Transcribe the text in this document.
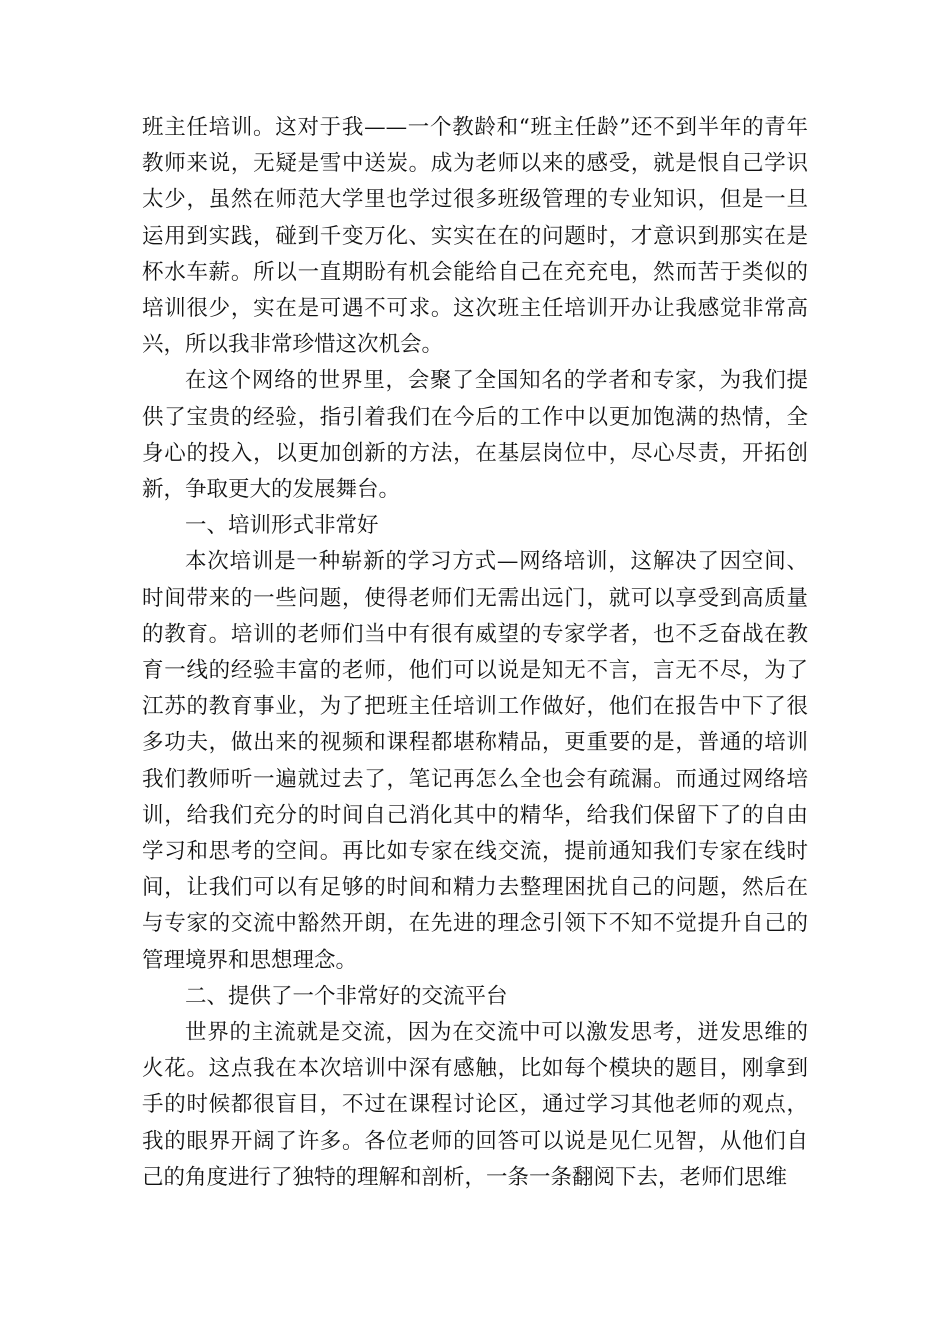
班主任培训。这对于我——一个教龄和“班主任龄”还不到半年的青年教师来说，无疑是雪中送炭。成为老师以来的感受，就是恨自己学识太少，虽然在师范大学里也学过很多班级管理的专业知识，但是一旦运用到实践，碰到千变万化、实实在在的问题时，才意识到那实在是杯水车薪。所以一直期盼有机会能给自己在充充电，然而苦于类似的培训很少，实在是可遇不可求。这次班主任培训开办让我感觉非常高兴，所以我非常珍惜这次机会。

在这个网络的世界里，会聚了全国知名的学者和专家，为我们提供了宝贵的经验，指引着我们在今后的工作中以更加饱满的热情，全身心的投入，以更加创新的方法，在基层岗位中，尽心尽责，开拓创新，争取更大的发展舞台。

一、培训形式非常好

本次培训是一种崭新的学习方式—网络培训，这解决了因空间、时间带来的一些问题，使得老师们无需出远门，就可以享受到高质量的教育。培训的老师们当中有很有威望的专家学者，也不乏奋战在教育一线的经验丰富的老师，他们可以说是知无不言，言无不尽，为了江苏的教育事业，为了把班主任培训工作做好，他们在报告中下了很多功夫，做出来的视频和课程都堪称精品，更重要的是，普通的培训我们教师听一遍就过去了，笔记再怎么全也会有疏漏。而通过网络培训，给我们充分的时间自己消化其中的精华，给我们保留下了的自由学习和思考的空间。再比如专家在线交流，提前通知我们专家在线时间，让我们可以有足够的时间和精力去整理困扰自己的问题，然后在与专家的交流中豁然开朗，在先进的理念引领下不知不觉提升自己的管理境界和思想理念。

二、提供了一个非常好的交流平台

世界的主流就是交流，因为在交流中可以激发思考，迸发思维的火花。这点我在本次培训中深有感触，比如每个模块的题目，刚拿到手的时候都很盲目，不过在课程讨论区，通过学习其他老师的观点，我的眼界开阔了许多。各位老师的回答可以说是见仁见智，从他们自己的角度进行了独特的理解和剖析，一条一条翻阅下去，老师们思维
